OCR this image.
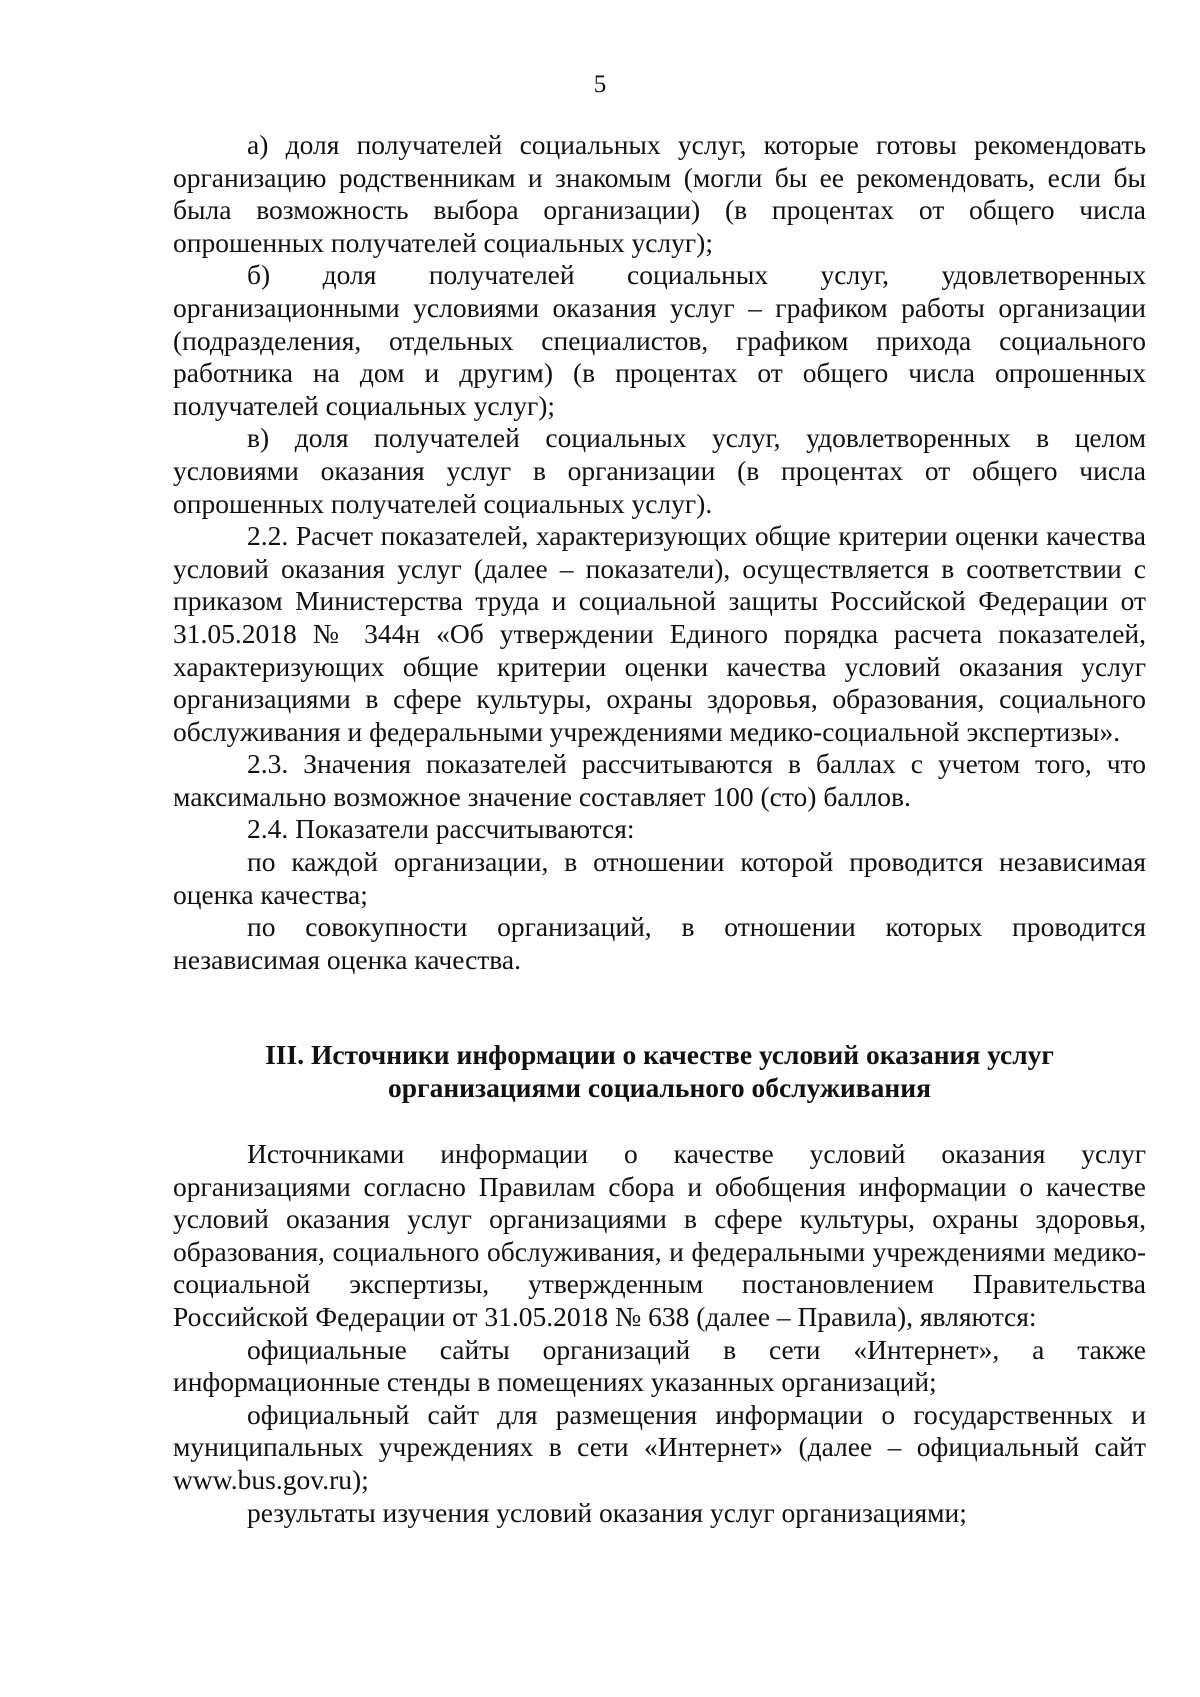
5

а) доля получателей социальных услуг, которые готовы рекомендовать организацию родственникам и знакомым (могли бы ее рекомендовать, если бы была возможность выбора организации) (в процентах от общего числа опрошенных получателей социальных услуг);

б) доля получателей социальных услуг, удовлетворенных организационными условиями оказания услуг – графиком работы организации (подразделения, отдельных специалистов, графиком прихода социального работника на дом и другим) (в процентах от общего числа опрошенных получателей социальных услуг);

в) доля получателей социальных услуг, удовлетворенных в целом условиями оказания услуг в организации (в процентах от общего числа опрошенных получателей социальных услуг).

2.2. Расчет показателей, характеризующих общие критерии оценки качества условий оказания услуг (далее – показатели), осуществляется в соответствии с приказом Министерства труда и социальной защиты Российской Федерации от 31.05.2018 № 344н «Об утверждении Единого порядка расчета показателей, характеризующих общие критерии оценки качества условий оказания услуг организациями в сфере культуры, охраны здоровья, образования, социального обслуживания и федеральными учреждениями медико-социальной экспертизы».

2.3. Значения показателей рассчитываются в баллах с учетом того, что максимально возможное значение составляет 100 (сто) баллов.

2.4. Показатели рассчитываются:

по каждой организации, в отношении которой проводится независимая оценка качества;

по совокупности организаций, в отношении которых проводится независимая оценка качества.

III. Источники информации о качестве условий оказания услуг
организациями социального обслуживания

Источниками информации о качестве условий оказания услуг организациями согласно Правилам сбора и обобщения информации о качестве условий оказания услуг организациями в сфере культуры, охраны здоровья, образования, социального обслуживания, и федеральными учреждениями медико-социальной экспертизы, утвержденным постановлением Правительства Российской Федерации от 31.05.2018 № 638 (далее – Правила), являются:

официальные сайты организаций в сети «Интернет», а также информационные стенды в помещениях указанных организаций;

официальный сайт для размещения информации о государственных и муниципальных учреждениях в сети «Интернет» (далее – официальный сайт www.bus.gov.ru);

результаты изучения условий оказания услуг организациями;
